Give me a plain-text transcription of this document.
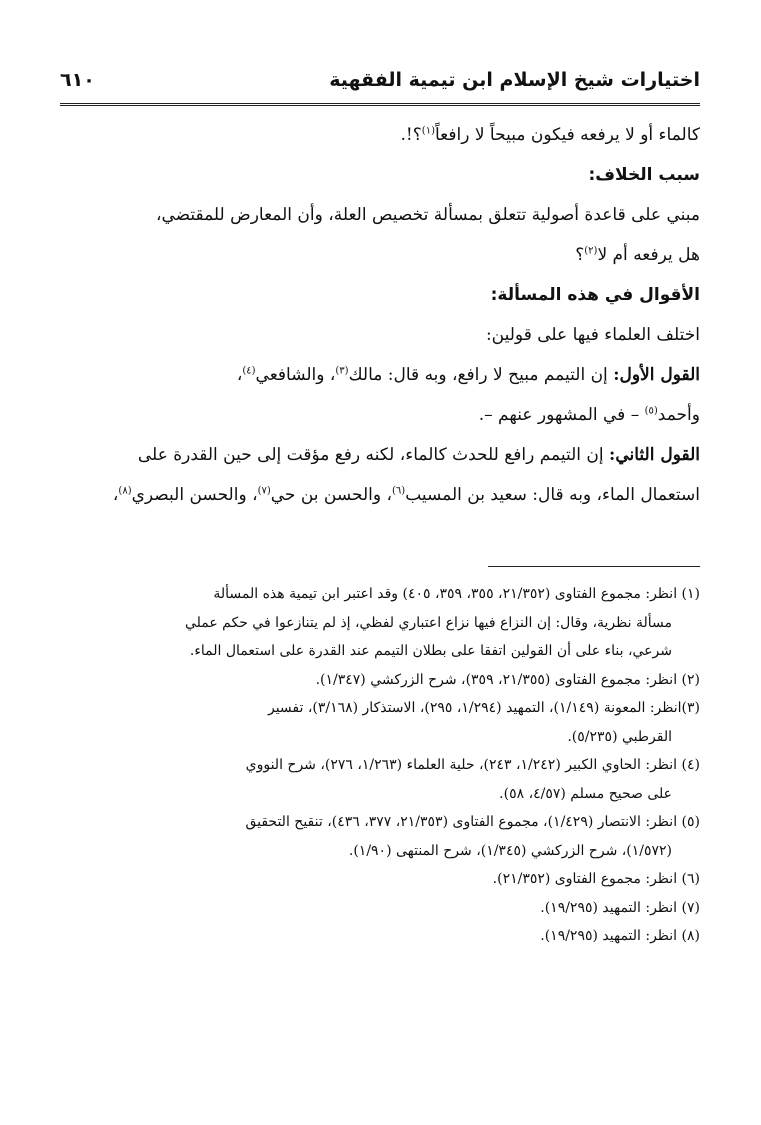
اختيارات شيخ الإسلام ابن تيمية الفقهية
٦١٠

كالماء أو لا يرفعه فيكون مبيحاً لا رافعاً$^{(١)}$؟!.

سبب الخلاف:

مبني على قاعدة أصولية تتعلق بمسألة تخصيص العلة، وأن المعارض للمقتضي،

هل يرفعه أم لا$^{(٢)}$؟

الأقوال في هذه المسألة:

اختلف العلماء فيها على قولين:

القول الأول: إن التيمم مبيح لا رافع، وبه قال: مالك$^{(٣)}$، والشافعي$^{(٤)}$،

وأحمد$^{(٥)}$ – في المشهور عنهم –.

القول الثاني: إن التيمم رافع للحدث كالماء، لكنه رفع مؤقت إلى حين القدرة على

استعمال الماء، وبه قال: سعيد بن المسيب$^{(٦)}$، والحسن بن حي$^{(٧)}$، والحسن البصري$^{(٨)}$،

(١) انظر: مجموع الفتاوى (٢١/٣٥٢، ٣٥٥، ٣٥٩، ٤٠٥) وقد اعتبر ابن تيمية هذه المسألة

مسألة نظرية، وقال: إن النزاع فيها نزاع اعتباري لفظي، إذ لم يتنازعوا في حكم عملي

شرعي، بناء على أن القولين اتفقا على بطلان التيمم عند القدرة على استعمال الماء.

(٢) انظر: مجموع الفتاوى (٢١/٣٥٥، ٣٥٩)، شرح الزركشي (١/٣٤٧).

(٣)انظر: المعونة (١/١٤٩)، التمهيد (١/٢٩٤، ٢٩٥)، الاستذكار (٣/١٦٨)، تفسير

القرطبي (٥/٢٣٥).

(٤) انظر: الحاوي الكبير (١/٢٤٢، ٢٤٣)، حلية العلماء (١/٢٦٣، ٢٧٦)، شرح النووي

على صحيح مسلم (٤/٥٧، ٥٨).

(٥) انظر: الانتصار (١/٤٢٩)، مجموع الفتاوى (٢١/٣٥٣، ٣٧٧، ٤٣٦)، تنقيح التحقيق

(١/٥٧٢)، شرح الزركشي (١/٣٤٥)، شرح المنتهى (١/٩٠).

(٦) انظر: مجموع الفتاوى (٢١/٣٥٢).

(٧) انظر: التمهيد (١٩/٢٩٥).

(٨) انظر: التمهيد (١٩/٢٩٥).
